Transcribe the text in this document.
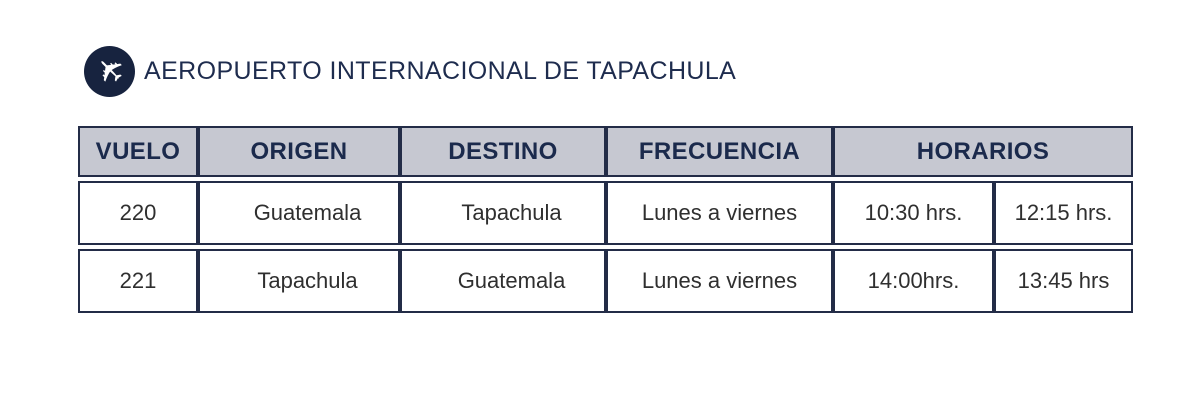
✈ AEROPUERTO INTERNACIONAL DE TAPACHULA
VUELO	ORIGEN	DESTINO	FRECUENCIA	HORARIOS	
220	Guatemala	Tapachula	Lunes a viernes	10:30 hrs.	12:15 hrs.
221	Tapachula	Guatemala	Lunes a viernes	14:00hrs.	13:45 hrs
